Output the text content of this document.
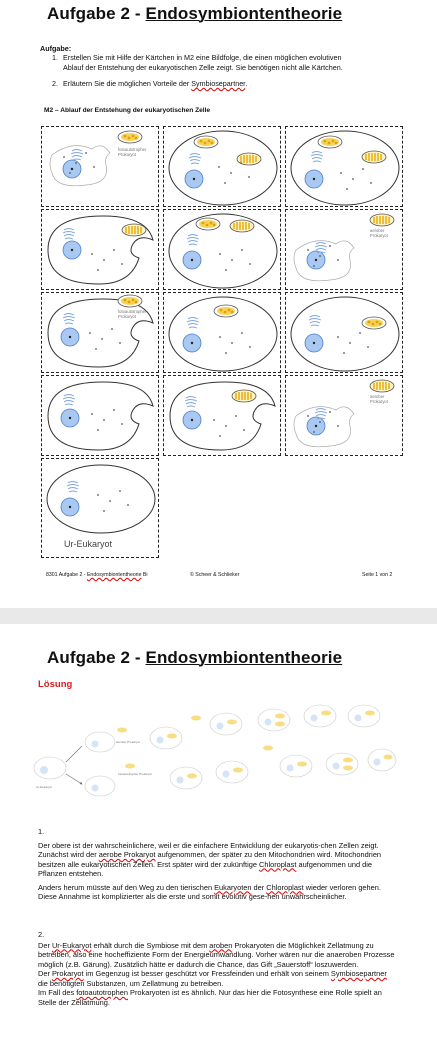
Aufgabe 2 - Endosymbiontentheorie
Aufgabe:
1. Erstellen Sie mit Hilfe der Kärtchen in M2 eine Bildfolge, die einen möglichen evolutiven
Ablauf der Entstehung der eukaryotischen Zelle zeigt. Sie benötigen nicht alle Kärtchen.
2. Erläutern Sie die möglichen Vorteile der Symbiosepartner.
M2 – Ablauf der Entstehung der eukaryotischen Zelle
fotoautotropher
Prokaryot
aerober
Prokaryot
fotoautotropher
Prokaryot
aerober
Prokaryot
Ur-Eukaryot
8301 Aufgabe 2 - Endosymbiontentheorie Bi	© Scheer & Schlieker	Seite 1 von 2
Aufgabe 2 - Endosymbiontentheorie
Lösung
aerober Prokaryot
fotoautotropher Prokaryot
Ur-Eukaryot

1.

Der obere ist der wahrscheinlichere, weil er die einfachere Entwicklung der eukaryotis-chen Zellen zeigt. Zunächst wird der aerobe Prokaryot aufgenommen, der später zu den Mitochondrien wird. Mitochondrien besitzen alle eukaryotischen Zellen. Erst später wird der zukünftige Chloroplast aufgenommen und die Pflanzen entstehen.

Anders herum müsste auf den Weg zu den tierischen Eukaryoten der Chloroplast wieder verloren gehen. Diese Annahme ist komplizierter als die erste und somit evolutiv gese-hen unwahrscheinlicher.

2.

Der Ur-Eukaryot erhält durch die Symbiose mit dem aroben Prokaryoten die Möglichkeit Zellatmung zu betreiben, also eine hocheffiziente Form der Energieumwandlung. Vorher wären nur die anaeroben Prozesse möglich (z.B. Gärung). Zusätzlich hätte er dadurch die Chance, das Gift „Sauerstoff“ loszuwerden.

Der Prokaryot im Gegenzug ist besser geschützt vor Fressfeinden und erhält von seinem Symbiosepartner die benötigten Substanzen, um Zellatmung zu betreiben.

Im Fall des fotoautotrophen Prokaryoten ist es ähnlich. Nur das hier die Fotosynthese eine Rolle spielt an Stelle der Zellatmung.
